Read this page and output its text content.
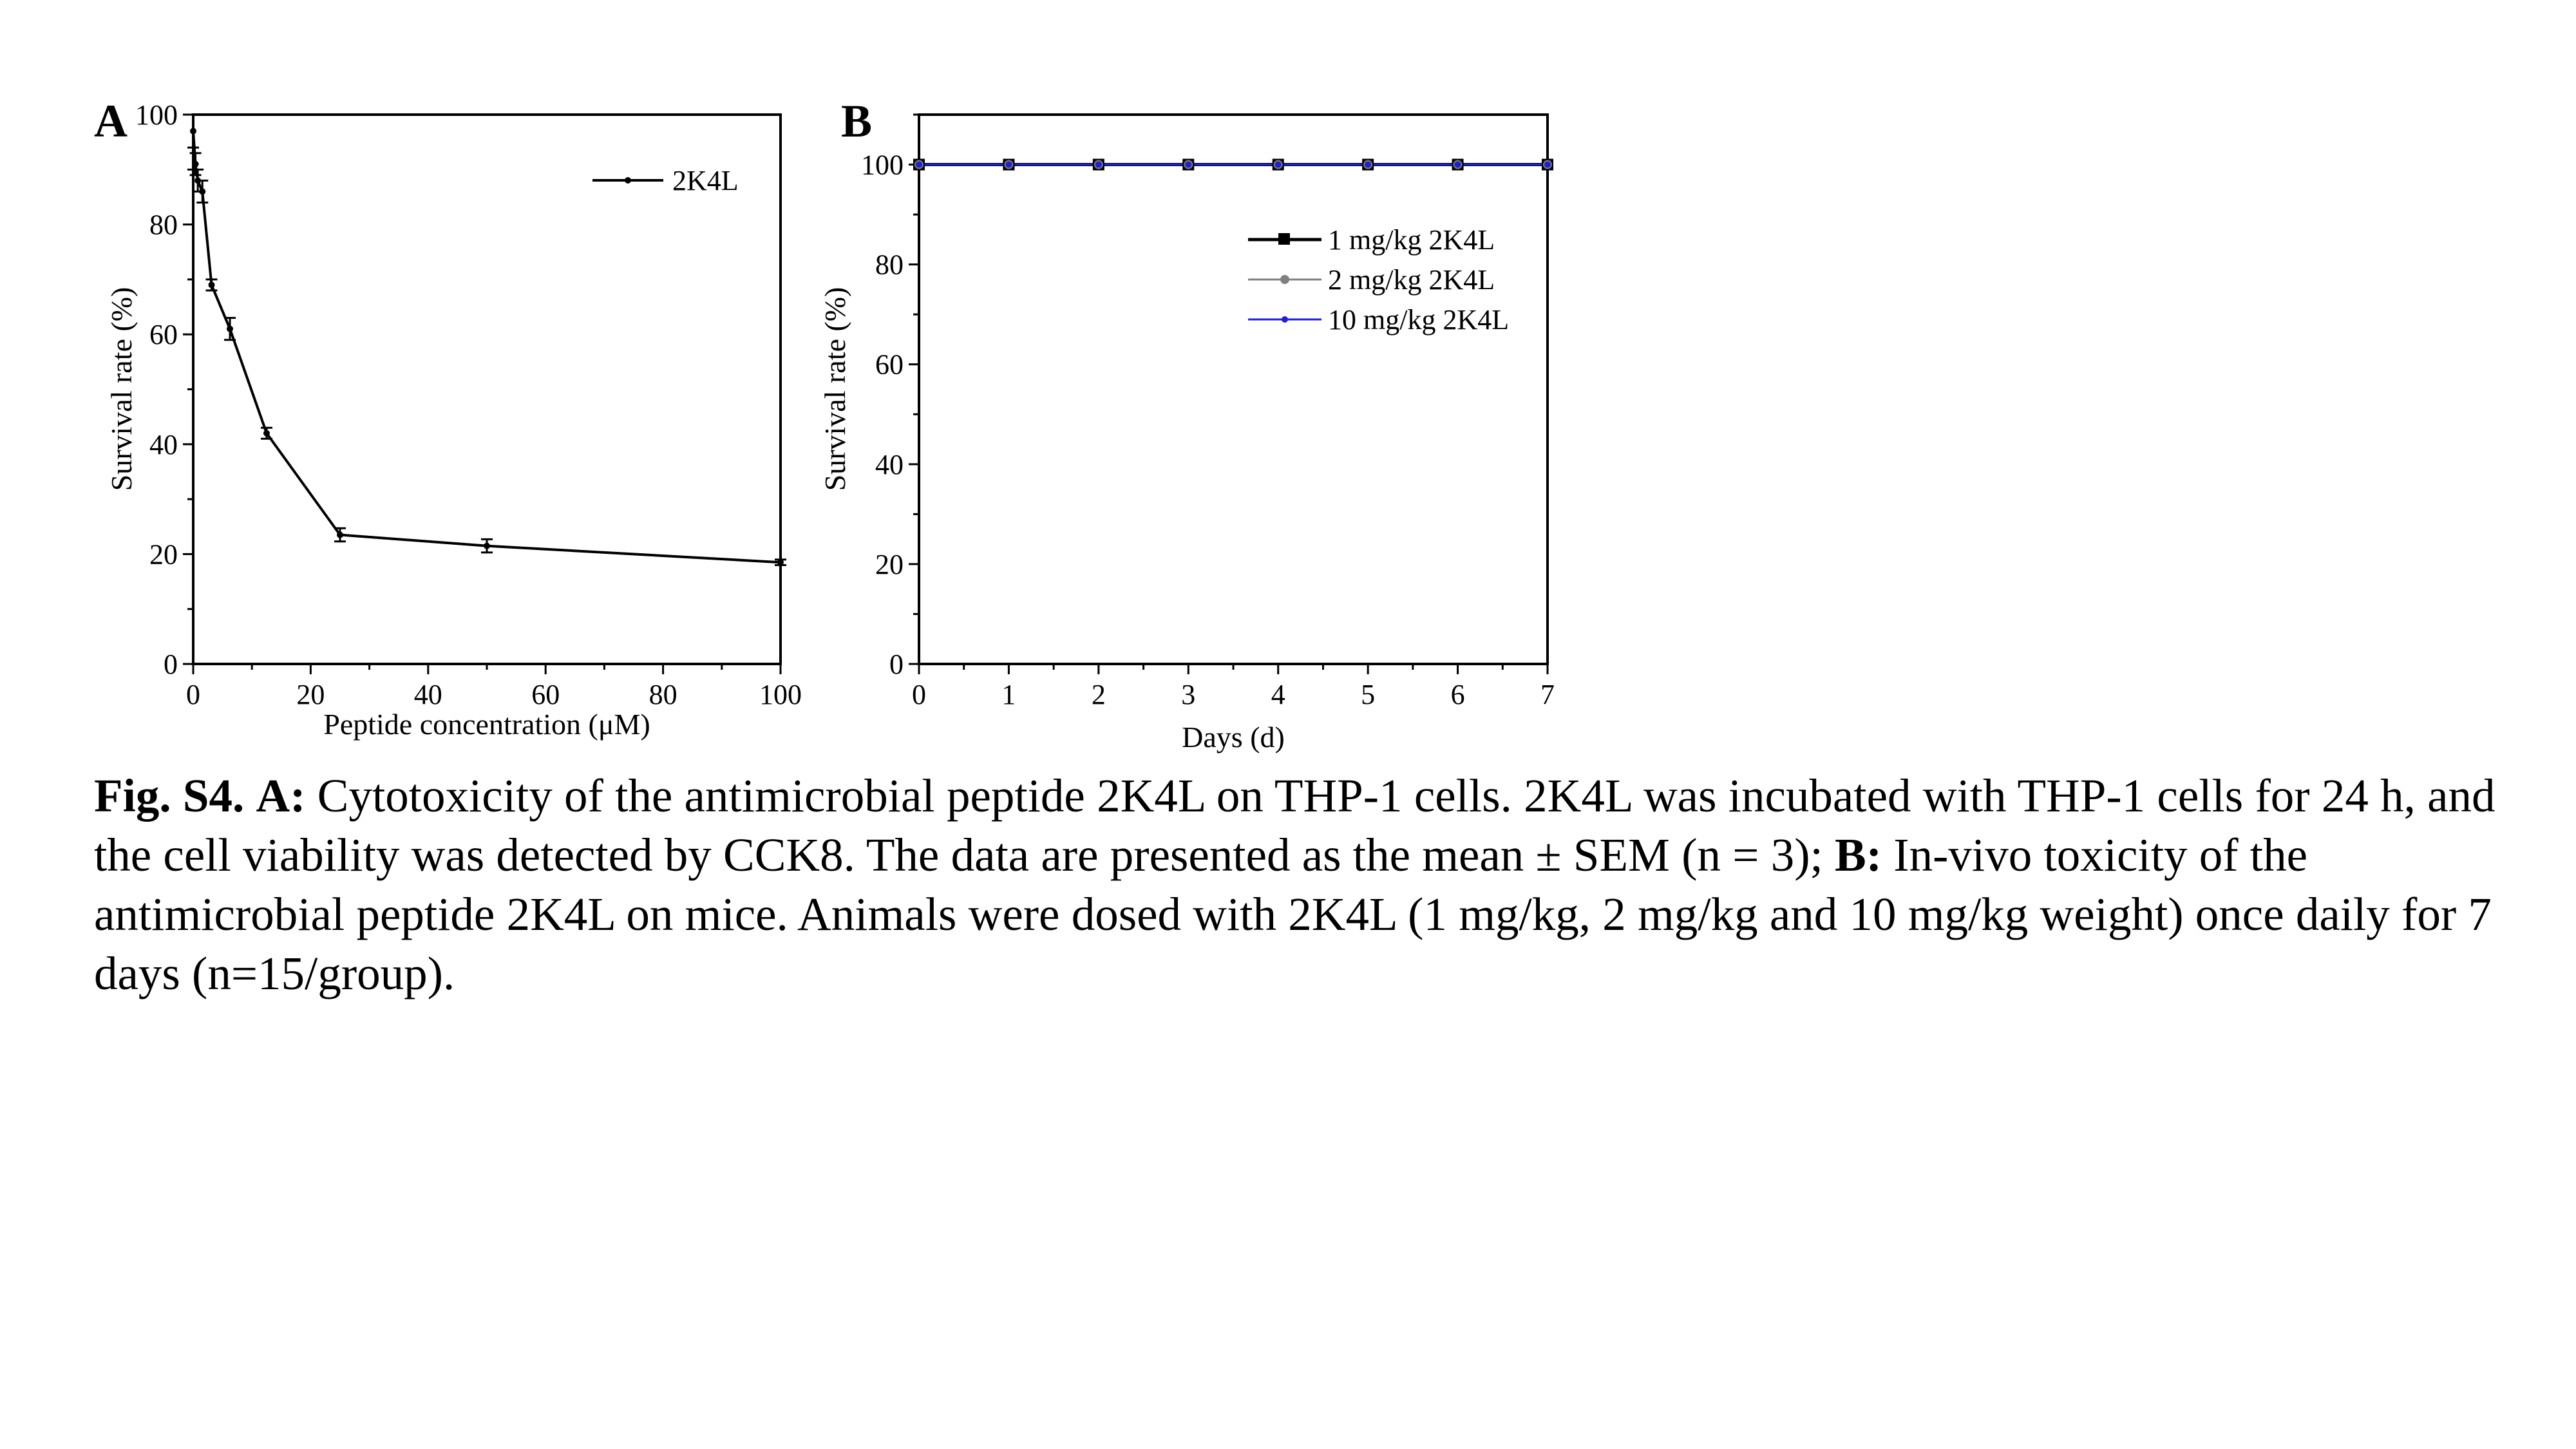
A
0	20	40	60	80	100
0
20
40
60
80
100
Peptide concentration (μM)
Survival rate (%)
2K4L
B
0	1	2	3	4	5	6	7
0
20
40
60
80
100
Days (d)
Survival rate (%)
1 mg/kg 2K4L
2 mg/kg 2K4L
10 mg/kg 2K4L
Fig. S4. A: Cytotoxicity of the antimicrobial peptide 2K4L on THP-1 cells. 2K4L was incubated with THP-1 cells for 24 h, and the cell viability was detected by CCK8. The data are presented as the mean ± SEM (n = 3); B: In-vivo toxicity of the antimicrobial peptide 2K4L on mice. Animals were dosed with 2K4L (1 mg/kg, 2 mg/kg and 10 mg/kg weight) once daily for 7 days (n=15/group).
